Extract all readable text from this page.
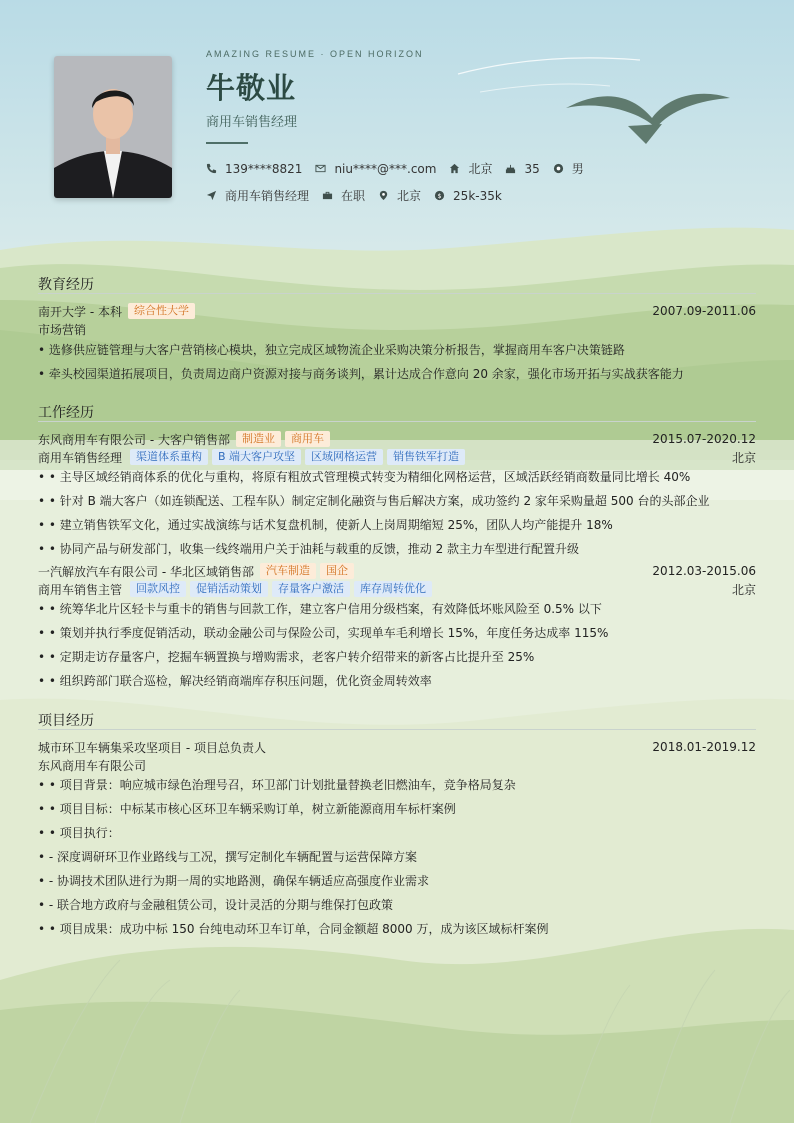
AMAZING RESUME · OPEN HORIZON
牛敬业
商用车销售经理
139****8821	niu****@***.com	北京	35	男
商用车销售经理	在职	北京 $ 25k-35k
教育经历
南开大学 - 本科	综合性大学	2007.09-2011.06
市场营销
• 选修供应链管理与大客户营销核心模块，独立完成区域物流企业采购决策分析报告，掌握商用车客户决策链路
• 牵头校园渠道拓展项目，负责周边商户资源对接与商务谈判，累计达成合作意向 20 余家，强化市场开拓与实战获客能力
工作经历
东风商用车有限公司 - 大客户销售部	制造业	商用车	2015.07-2020.12
商用车销售经理	渠道体系重构	B 端大客户攻坚	区域网格运营	销售铁军打造	北京
• • 主导区域经销商体系的优化与重构，将原有粗放式管理模式转变为精细化网格运营，区域活跃经销商数量同比增长 40%
• • 针对 B 端大客户（如连锁配送、工程车队）制定定制化融资与售后解决方案，成功签约 2 家年采购量超 500 台的头部企业
• • 建立销售铁军文化，通过实战演练与话术复盘机制，使新人上岗周期缩短 25%，团队人均产能提升 18%
• • 协同产品与研发部门，收集一线终端用户关于油耗与载重的反馈，推动 2 款主力车型进行配置升级
一汽解放汽车有限公司 - 华北区域销售部	汽车制造	国企	2012.03-2015.06
商用车销售主管	回款风控	促销活动策划	存量客户激活	库存周转优化	北京
• • 统筹华北片区轻卡与重卡的销售与回款工作，建立客户信用分级档案，有效降低坏账风险至 0.5% 以下
• • 策划并执行季度促销活动，联动金融公司与保险公司，实现单车毛利增长 15%，年度任务达成率 115%
• • 定期走访存量客户，挖掘车辆置换与增购需求，老客户转介绍带来的新客占比提升至 25%
• • 组织跨部门联合巡检，解决经销商端库存积压问题，优化资金周转效率
项目经历
城市环卫车辆集采攻坚项目 - 项目总负责人	2018.01-2019.12
东风商用车有限公司
• • 项目背景：响应城市绿色治理号召，环卫部门计划批量替换老旧燃油车，竞争格局复杂
• • 项目目标：中标某市核心区环卫车辆采购订单，树立新能源商用车标杆案例
• • 项目执行：
• - 深度调研环卫作业路线与工况，撰写定制化车辆配置与运营保障方案
• - 协调技术团队进行为期一周的实地路测，确保车辆适应高强度作业需求
• - 联合地方政府与金融租赁公司，设计灵活的分期与维保打包政策
• • 项目成果：成功中标 150 台纯电动环卫车订单，合同金额超 8000 万，成为该区域标杆案例
